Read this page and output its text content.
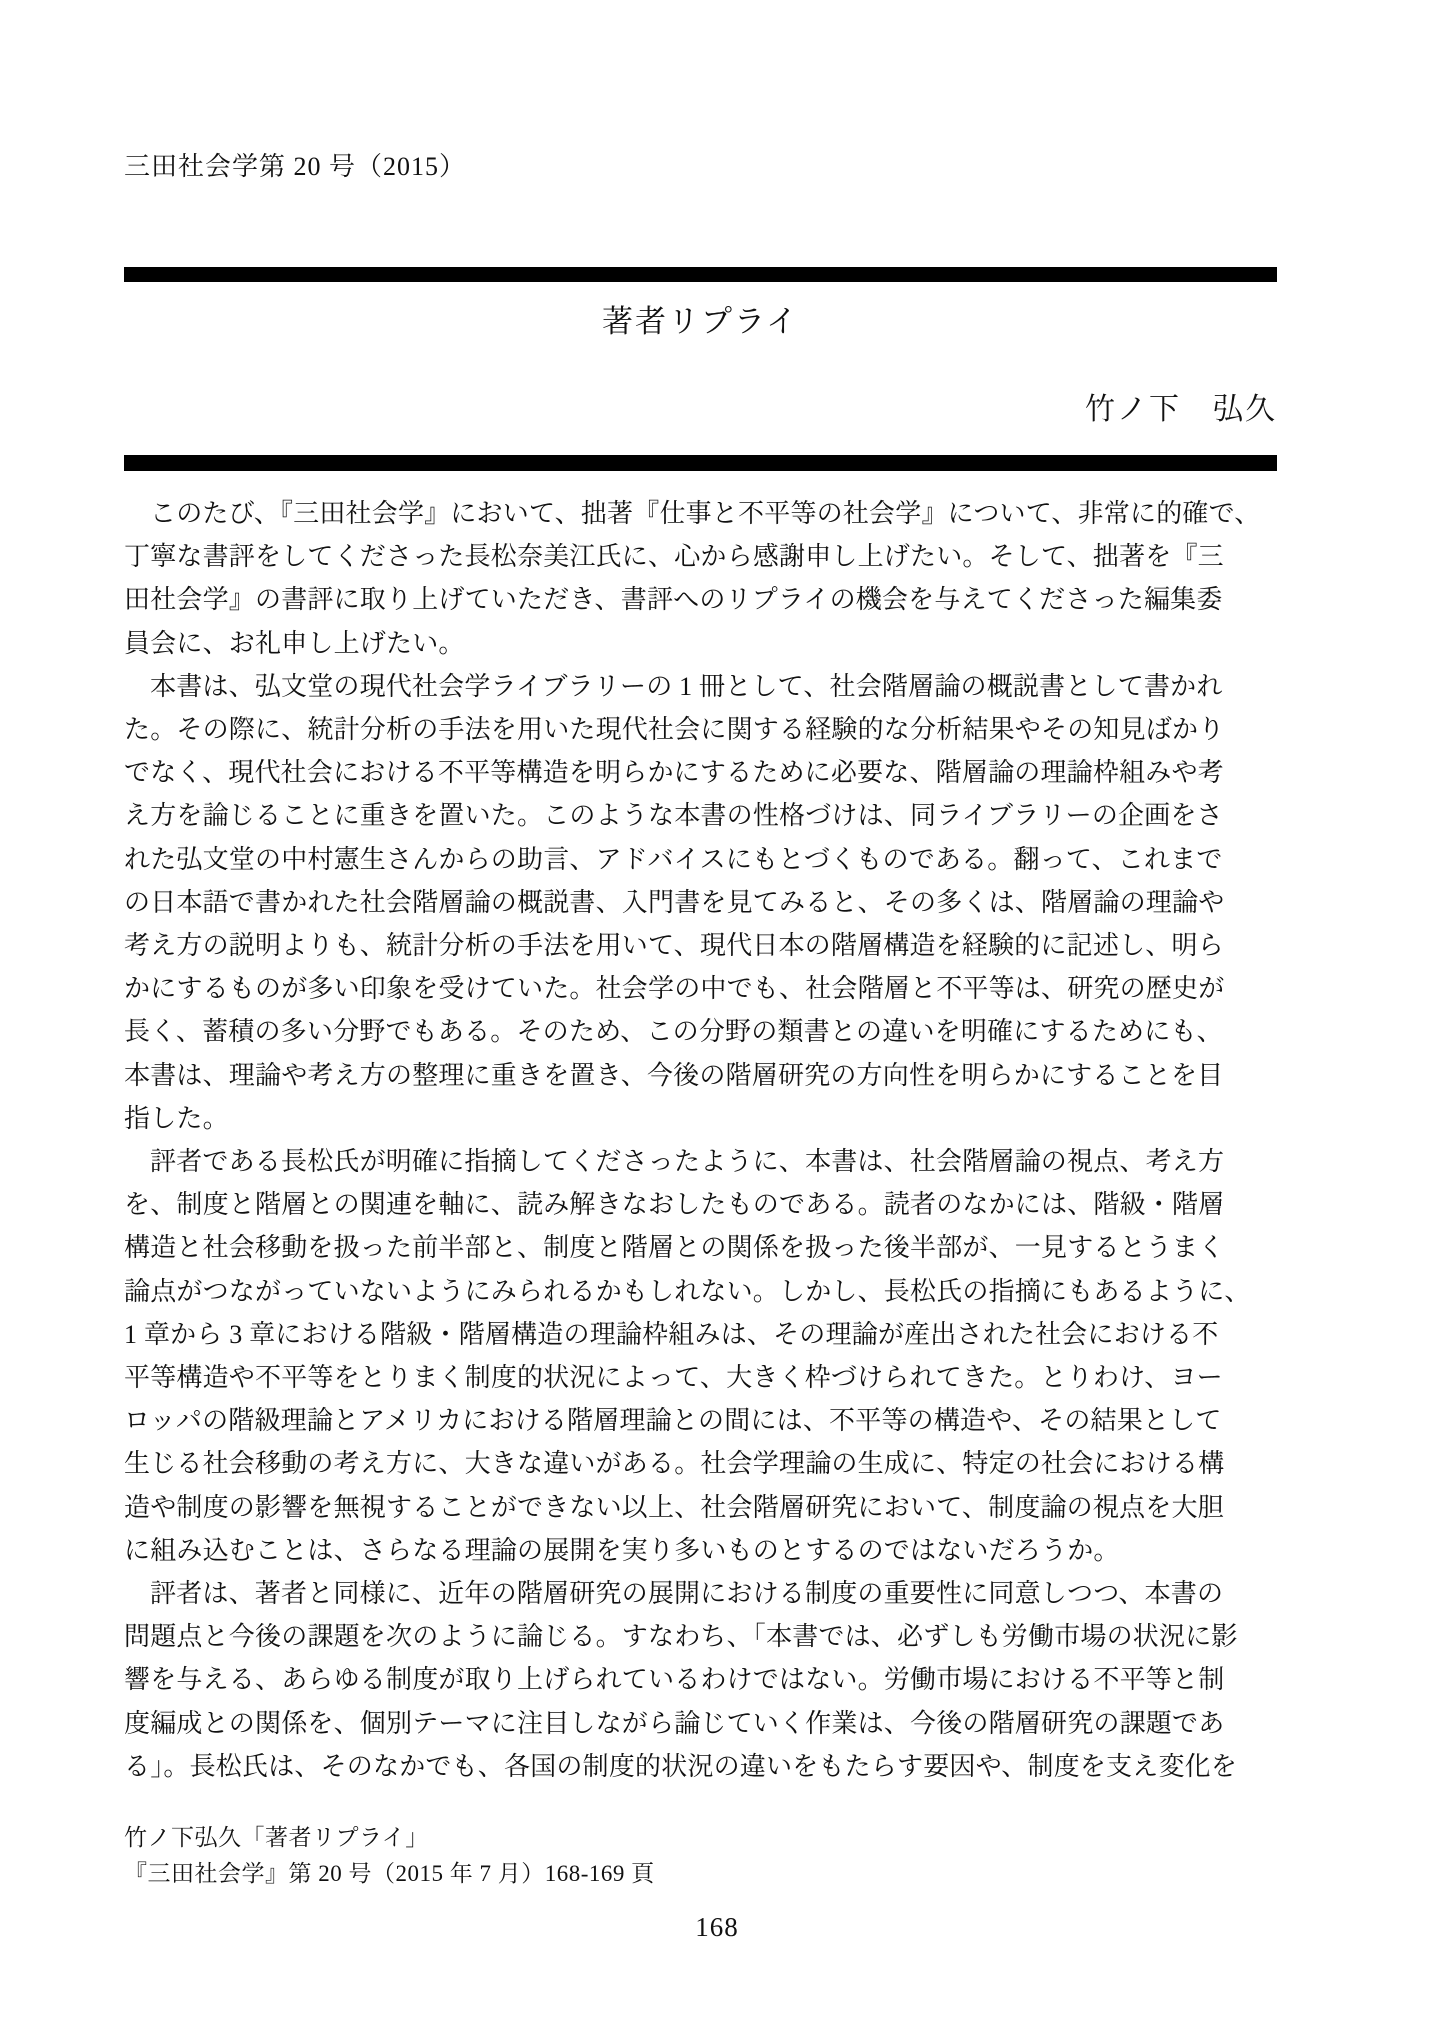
三田社会学第 20 号（2015）
著者リプライ
竹ノ下　弘久

このたび、『三田社会学』において、拙著『仕事と不平等の社会学』について、非常に的確で、
丁寧な書評をしてくださった長松奈美江氏に、心から感謝申し上げたい。そして、拙著を『三
田社会学』の書評に取り上げていただき、書評へのリプライの機会を与えてくださった編集委
員会に、お礼申し上げたい。

本書は、弘文堂の現代社会学ライブラリーの 1 冊として、社会階層論の概説書として書かれ
た。その際に、統計分析の手法を用いた現代社会に関する経験的な分析結果やその知見ばかり
でなく、現代社会における不平等構造を明らかにするために必要な、階層論の理論枠組みや考
え方を論じることに重きを置いた。このような本書の性格づけは、同ライブラリーの企画をさ
れた弘文堂の中村憲生さんからの助言、アドバイスにもとづくものである。翻って、これまで
の日本語で書かれた社会階層論の概説書、入門書を見てみると、その多くは、階層論の理論や
考え方の説明よりも、統計分析の手法を用いて、現代日本の階層構造を経験的に記述し、明ら
かにするものが多い印象を受けていた。社会学の中でも、社会階層と不平等は、研究の歴史が
長く、蓄積の多い分野でもある。そのため、この分野の類書との違いを明確にするためにも、
本書は、理論や考え方の整理に重きを置き、今後の階層研究の方向性を明らかにすることを目
指した。

評者である長松氏が明確に指摘してくださったように、本書は、社会階層論の視点、考え方
を、制度と階層との関連を軸に、読み解きなおしたものである。読者のなかには、階級・階層
構造と社会移動を扱った前半部と、制度と階層との関係を扱った後半部が、一見するとうまく
論点がつながっていないようにみられるかもしれない。しかし、長松氏の指摘にもあるように、
1 章から 3 章における階級・階層構造の理論枠組みは、その理論が産出された社会における不
平等構造や不平等をとりまく制度的状況によって、大きく枠づけられてきた。とりわけ、ヨー
ロッパの階級理論とアメリカにおける階層理論との間には、不平等の構造や、その結果として
生じる社会移動の考え方に、大きな違いがある。社会学理論の生成に、特定の社会における構
造や制度の影響を無視することができない以上、社会階層研究において、制度論の視点を大胆
に組み込むことは、さらなる理論の展開を実り多いものとするのではないだろうか。

評者は、著者と同様に、近年の階層研究の展開における制度の重要性に同意しつつ、本書の
問題点と今後の課題を次のように論じる。すなわち、「本書では、必ずしも労働市場の状況に影
響を与える、あらゆる制度が取り上げられているわけではない。労働市場における不平等と制
度編成との関係を、個別テーマに注目しながら論じていく作業は、今後の階層研究の課題であ
る」。長松氏は、そのなかでも、各国の制度的状況の違いをもたらす要因や、制度を支え変化を

竹ノ下弘久「著者リプライ」
『三田社会学』第 20 号（2015 年 7 月）168-169 頁
168
